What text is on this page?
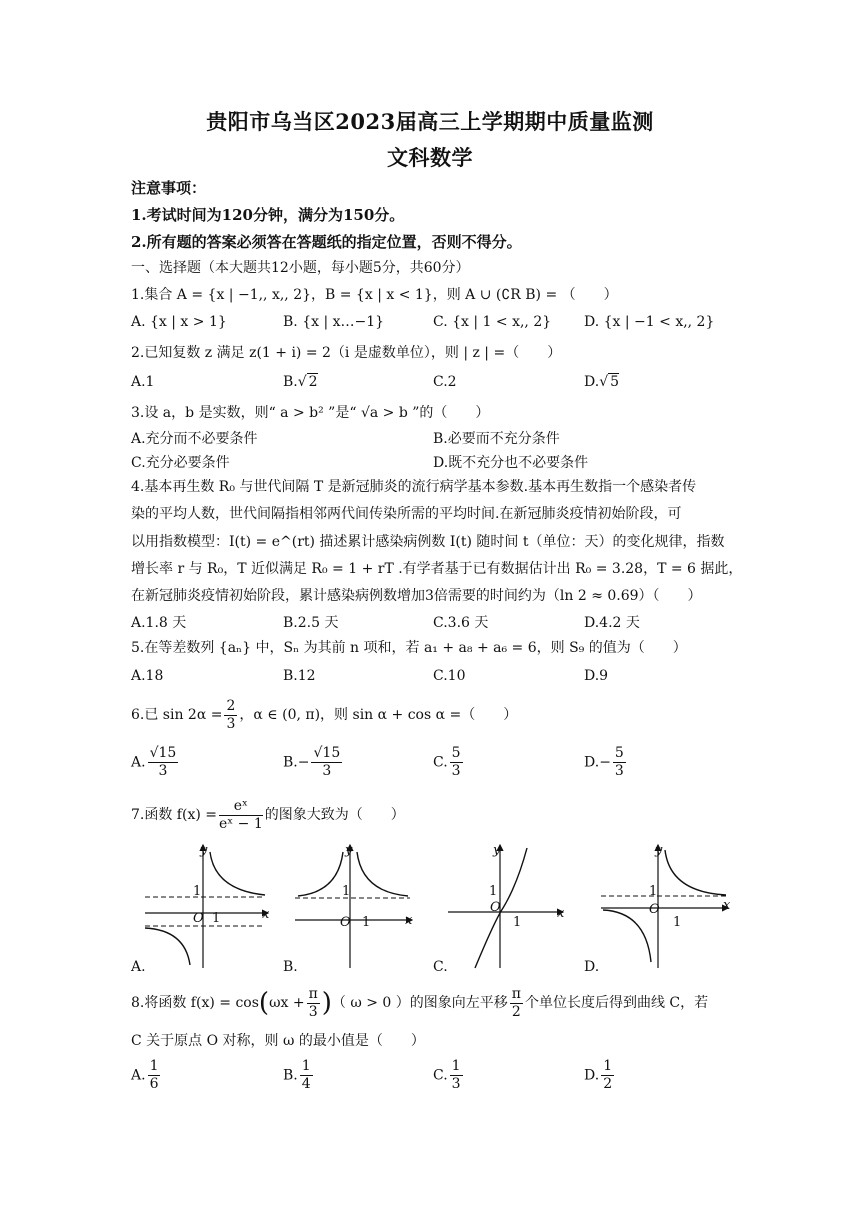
贵阳市乌当区2023届高三上学期期中质量监测
文科数学
注意事项：
1.考试时间为120分钟，满分为150分。
2.所有题的答案必须答在答题纸的指定位置，否则不得分。
一、选择题（本大题共12小题，每小题5分，共60分）
1.集合 A = {x | −1,, x,, 2}，B = {x | x < 1}，则 A ∪ (∁R B) = （　　）
A. {x | x > 1}	B. {x | x…−1}	C. {x | 1 < x,, 2} D. {x | −1 < x,, 2}
2.已知复数 z 满足 z(1 + i) = 2（i 是虚数单位），则 | z | =（　　）
A.1	B.√ 2	C.2	D.√ 5
3.设 a，b 是实数，则“ a > b² ”是“ √a > b ”的（　　）
A.充分而不必要条件	B.必要而不充分条件
C.充分必要条件	D.既不充分也不必要条件
4.基本再生数 R₀ 与世代间隔 T 是新冠肺炎的流行病学基本参数.基本再生数指一个感染者传
染的平均人数，世代间隔指相邻两代间传染所需的平均时间.在新冠肺炎疫情初始阶段，可
以用指数模型：I(t) = e^(rt) 描述累计感染病例数 I(t) 随时间 t（单位：天）的变化规律，指数
增长率 r 与 R₀，T 近似满足 R₀ = 1 + rT .有学者基于已有数据估计出 R₀ = 3.28，T = 6 据此，
在新冠肺炎疫情初始阶段，累计感染病例数增加3倍需要的时间约为（ln 2 ≈ 0.69）（　　）
A.1.8 天	B.2.5 天	C.3.6 天	D.4.2 天
5.在等差数列 {aₙ} 中，Sₙ 为其前 n 项和，若 a₁ + a₈ + a₆ = 6，则 S₉ 的值为（　　）
A.18	B.12	C.10	D.9
6.已 $\sin 2\alpha = \frac{2}{3}$ ，α ∈ (0, π)，则 sin α + cos α =（　　）
A. $\frac{√15}{3}$	$B.- \frac{√15}{3}$	C. $\frac{5}{3}$	$D.- \frac{5}{3}$
7.函数 $f(x) = \frac{\text{eˣ}}{\text{eˣ − 1}}$ 的图象大致为（　　）
y
x
O
1
1
A.
y
x
O
1
1
B.
y
x
O
1
1
C.
y
x
O
1
1
D.
8.将函数 $f(x) = \cos(\omega x + \frac{\pi}{3}$ )（ ω > 0 ）的图象向左平移 $\frac{\pi}{2}$ 个单位长度后得到曲线 C，若
C 关于原点 O 对称，则 ω 的最小值是（　　）
A. $\frac{1}{6}$	B. $\frac{1}{4}$	C. $\frac{1}{3}$	D. $\frac{1}{2}$
